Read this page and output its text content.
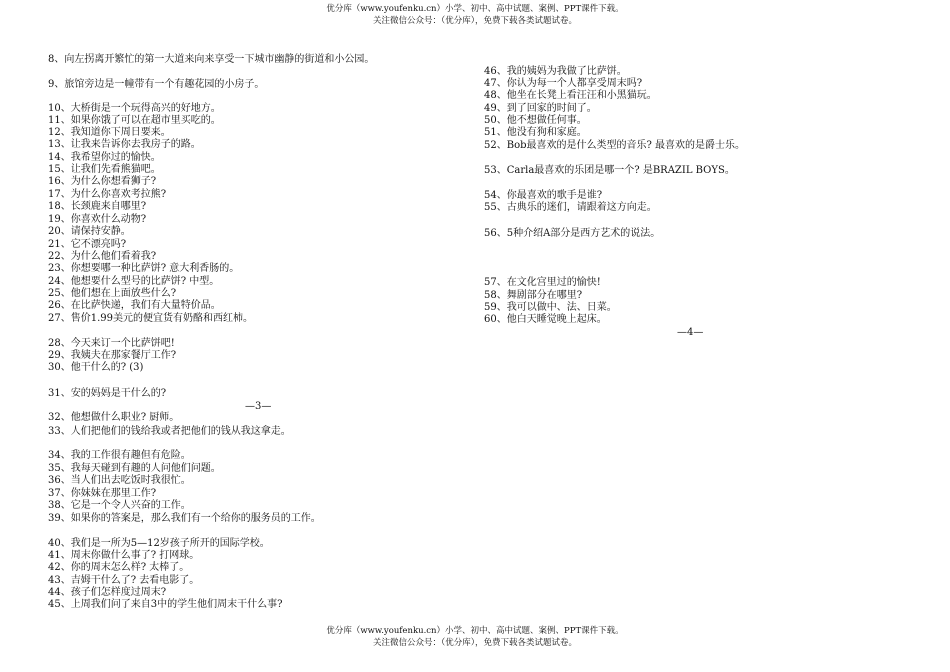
优分库（www.youfenku.cn）小学、初中、高中试题、案例、PPT课件下载。
关注微信公众号：（优分库），免费下载各类试题试卷。
8、向左拐离开繁忙的第一大道来向来享受一下城市幽静的街道和小公园。
9、旅馆旁边是一幢带有一个有趣花园的小房子。
10、大桥街是一个玩得高兴的好地方。
11、如果你饿了可以在超市里买吃的。
12、我知道你下周日要来。
13、让我来告诉你去我房子的路。
14、我希望你过的愉快。
15、让我们先看熊猫吧。
16、为什么你想看狮子?
17、为什么你喜欢考拉熊?
18、长颈鹿来自哪里?
19、你喜欢什么动物?
20、请保持安静。
21、它不漂亮吗?
22、为什么他们看着我?
23、你想要哪一种比萨饼? 意大利香肠的。
24、他想要什么型号的比萨饼? 中型。
25、他们想在上面放些什么?
26、在比萨快递，我们有大量特价品。
27、售价1.99美元的便宜货有奶酪和西红柿。
28、今天来订一个比萨饼吧!
29、我姨夫在那家餐厅工作?
30、他干什么的? (3)
31、安的妈妈是干什么的?
32、他想做什么职业? 厨师。
33、人们把他们的钱给我或者把他们的钱从我这拿走。
34、我的工作很有趣但有危险。
35、我每天碰到有趣的人问他们问题。
36、当人们出去吃饭时我很忙。
37、你妹妹在那里工作?
38、它是一个令人兴奋的工作。
39、如果你的答案是，那么我们有一个给你的服务员的工作。
40、我们是一所为5—12岁孩子所开的国际学校。
41、周末你做什么事了? 打网球。
42、你的周末怎么样? 太棒了。
43、吉姆干什么了? 去看电影了。
44、孩子们怎样度过周末?
45、上周我们问了来自3中的学生他们周末干什么事?
—3—
46、我的姨妈为我做了比萨饼。
47、你认为每一个人都享受周末吗?
48、他坐在长凳上看汪汪和小黑猫玩。
49、到了回家的时间了。
50、他不想做任何事。
51、他没有狗和家庭。
52、Bob最喜欢的是什么类型的音乐? 最喜欢的是爵士乐。
53、Carla最喜欢的乐团是哪一个? 是BRAZIL BOYS。
54、你最喜欢的歌手是谁?
55、古典乐的迷们，请跟着这方向走。
56、5种介绍A部分是西方艺术的说法。
57、在文化宫里过的愉快!
58、舞剧部分在哪里?
59、我可以做中、法、日菜。
60、他白天睡觉晚上起床。
—4—
优分库（www.youfenku.cn）小学、初中、高中试题、案例、PPT课件下载。
关注微信公众号：（优分库），免费下载各类试题试卷。
